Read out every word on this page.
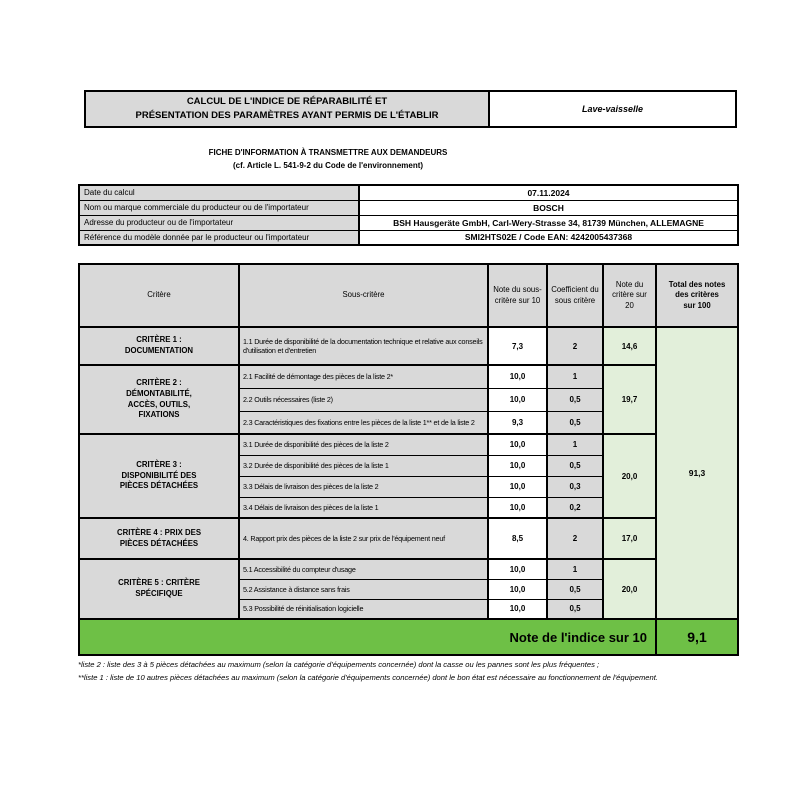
CALCUL DE L'INDICE DE RÉPARABILITÉ ET
PRÉSENTATION DES PARAMÈTRES AYANT PERMIS DE L'ÉTABLIR
Lave-vaisselle
FICHE D'INFORMATION À TRANSMETTRE AUX DEMANDEURS
(cf. Article L. 541-9-2 du Code de l'environnement)
Date du calcul	07.11.2024
Nom ou marque commerciale du producteur ou de l'importateur	BOSCH
Adresse du producteur ou de l'importateur	BSH Hausgeräte GmbH, Carl-Wery-Strasse 34, 81739 München, ALLEMAGNE
Référence du modèle donnée par le producteur ou l'importateur	SMI2HTS02E / Code EAN: 4242005437368
Critère	Sous-critère	Note du sous-
critère sur 10	Coefficient du
sous critère	Note du
critère sur 20	Total des notes
des critères
sur 100

CRITÈRE 1 :
DOCUMENTATION	1.1 Durée de disponibilité de la documentation technique et relative aux conseils d'utilisation et d'entretien	7,3	2	14,6	91,3

CRITÈRE 2 :
DÉMONTABILITÉ,
ACCÈS, OUTILS,
FIXATIONS	2.1 Facilité de démontage des pièces de la liste 2*	10,0	1	19,7	
	2.2 Outils nécessaires (liste 2)	10,0	0,5		
	2.3 Caractéristiques des fixations entre les pièces de la liste 1** et de la liste 2	9,3	0,5		

CRITÈRE 3 :
DISPONIBILITÉ DES
PIÈCES DÉTACHÉES	3.1 Durée de disponibilité des pièces de la liste 2	10,0	1	20,0	
	3.2 Durée de disponibilité des pièces de la liste 1	10,0	0,5		
	3.3 Délais de livraison des pièces de la liste 2	10,0	0,3		
	3.4 Délais de livraison des pièces de la liste 1	10,0	0,2		

CRITÈRE 4 : PRIX DES
PIÈCES DÉTACHÉES	4. Rapport prix des pièces de la liste 2 sur prix de l'équipement neuf	8,5	2	17,0	

CRITÈRE 5 : CRITÈRE
SPÉCIFIQUE	5.1 Accessibilité du compteur d'usage	10,0	1	20,0	
	5.2 Assistance à distance sans frais	10,0	0,5		
	5.3 Possibilité de réinitialisation logicielle	10,0	0,5		
Note de l'indice sur 10					9,1
*liste 2 : liste des 3 à 5 pièces détachées au maximum (selon la catégorie d'équipements concernée) dont la casse ou les pannes sont les plus fréquentes ;
**liste 1 : liste de 10 autres pièces détachées au maximum (selon la catégorie d'équipements concernée) dont le bon état est nécessaire au fonctionnement de l'équipement.
